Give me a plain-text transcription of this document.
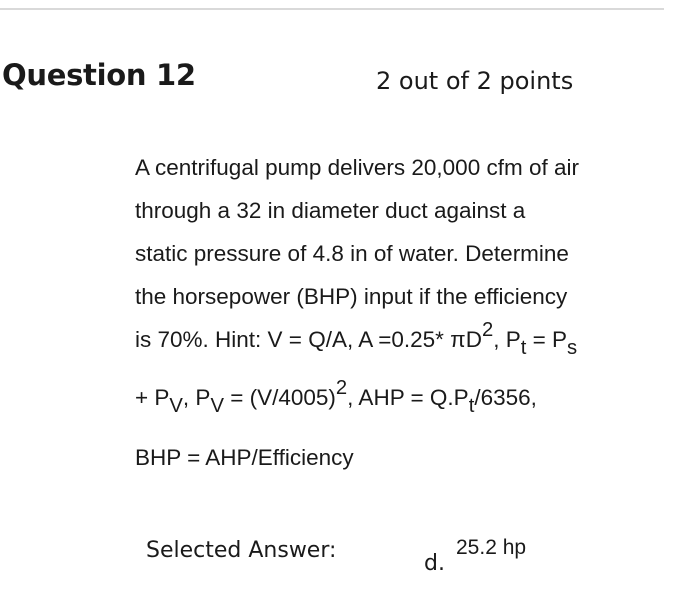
Question 12	2 out of 2 points
A centrifugal pump delivers 20,000 cfm of air
through a 32 in diameter duct against a
static pressure of 4.8 in of water. Determine
the horsepower (BHP) input if the efficiency
is 70%. Hint: V = Q/A, A =0.25* πD2, Pt = Ps
+ PV, PV = (V/4005)2, AHP = Q.Pt/6356,
BHP = AHP/Efficiency
Selected Answer:
d.
25.2 hp
